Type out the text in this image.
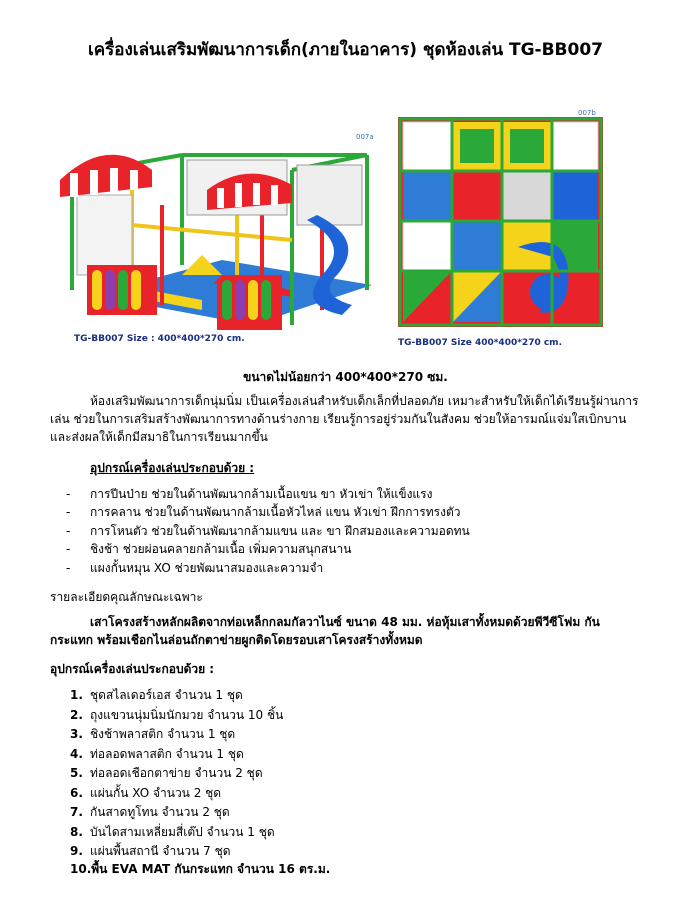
เครื่องเล่นเสริมพัฒนาการเด็ก(ภายในอาคาร) ชุดห้องเล่น TG-BB007
007a
TG-BB007 Size : 400*400*270 cm.
007b
TG-BB007 Size 400*400*270 cm.
ขนาดไม่น้อยกว่า 400*400*270 ซม.
ห้องเสริมพัฒนาการเด็กนุ่มนิ่ม เป็นเครื่องเล่นสำหรับเด็กเล็กที่ปลอดภัย เหมาะสำหรับให้เด็กได้เรียนรู้ผ่านการเล่น ช่วยในการเสริมสร้างพัฒนาการทางด้านร่างกาย เรียนรู้การอยู่ร่วมกันในสังคม ช่วยให้อารมณ์แจ่มใสเบิกบาน และส่งผลให้เด็กมีสมาธิในการเรียนมากขึ้น
อุปกรณ์เครื่องเล่นประกอบด้วย :
-	การปีนป่าย ช่วยในด้านพัฒนากล้ามเนื้อแขน ขา หัวเข่า ให้แข็งแรง
-	การคลาน ช่วยในด้านพัฒนากล้ามเนื้อหัวไหล่ แขน หัวเข่า ฝึกการทรงตัว
-	การโหนตัว ช่วยในด้านพัฒนากล้ามแขน และ ขา ฝึกสมองและความอดทน
-	ชิงช้า ช่วยผ่อนคลายกล้ามเนื้อ เพิ่มความสนุกสนาน
-	แผงกั้นหมุน XO ช่วยพัฒนาสมองและความจำ
รายละเอียดคุณลักษณะเฉพาะ
เสาโครงสร้างหลักผลิตจากท่อเหล็กกลมกัลวาไนซ์ ขนาด 48 มม. ห่อหุ้มเสาทั้งหมดด้วยพีวีซีโฟม กันกระแทก พร้อมเชือกไนล่อนถักตาข่ายผูกติดโดยรอบเสาโครงสร้างทั้งหมด
อุปกรณ์เครื่องเล่นประกอบด้วย :
1. ชุดสไลเดอร์เอส จำนวน 1 ชุด
2. ถุงแขวนนุ่มนิ่มนักมวย จำนวน 10 ชิ้น
3. ชิงช้าพลาสติก จำนวน 1 ชุด
4. ท่อลอดพลาสติก จำนวน 1 ชุด
5. ท่อลอดเชือกตาข่าย จำนวน 2 ชุด
6. แผ่นกั้น XO จำนวน 2 ชุด
7. กันสาดทูโทน จำนวน 2 ชุด
8. บันไดสามเหลี่ยมสี่เต๊ป จำนวน 1 ชุด
9. แผ่นพื้นสถานี จำนวน 7 ชุด
10.พื้น EVA MAT กันกระแทก จำนวน 16 ตร.ม.
